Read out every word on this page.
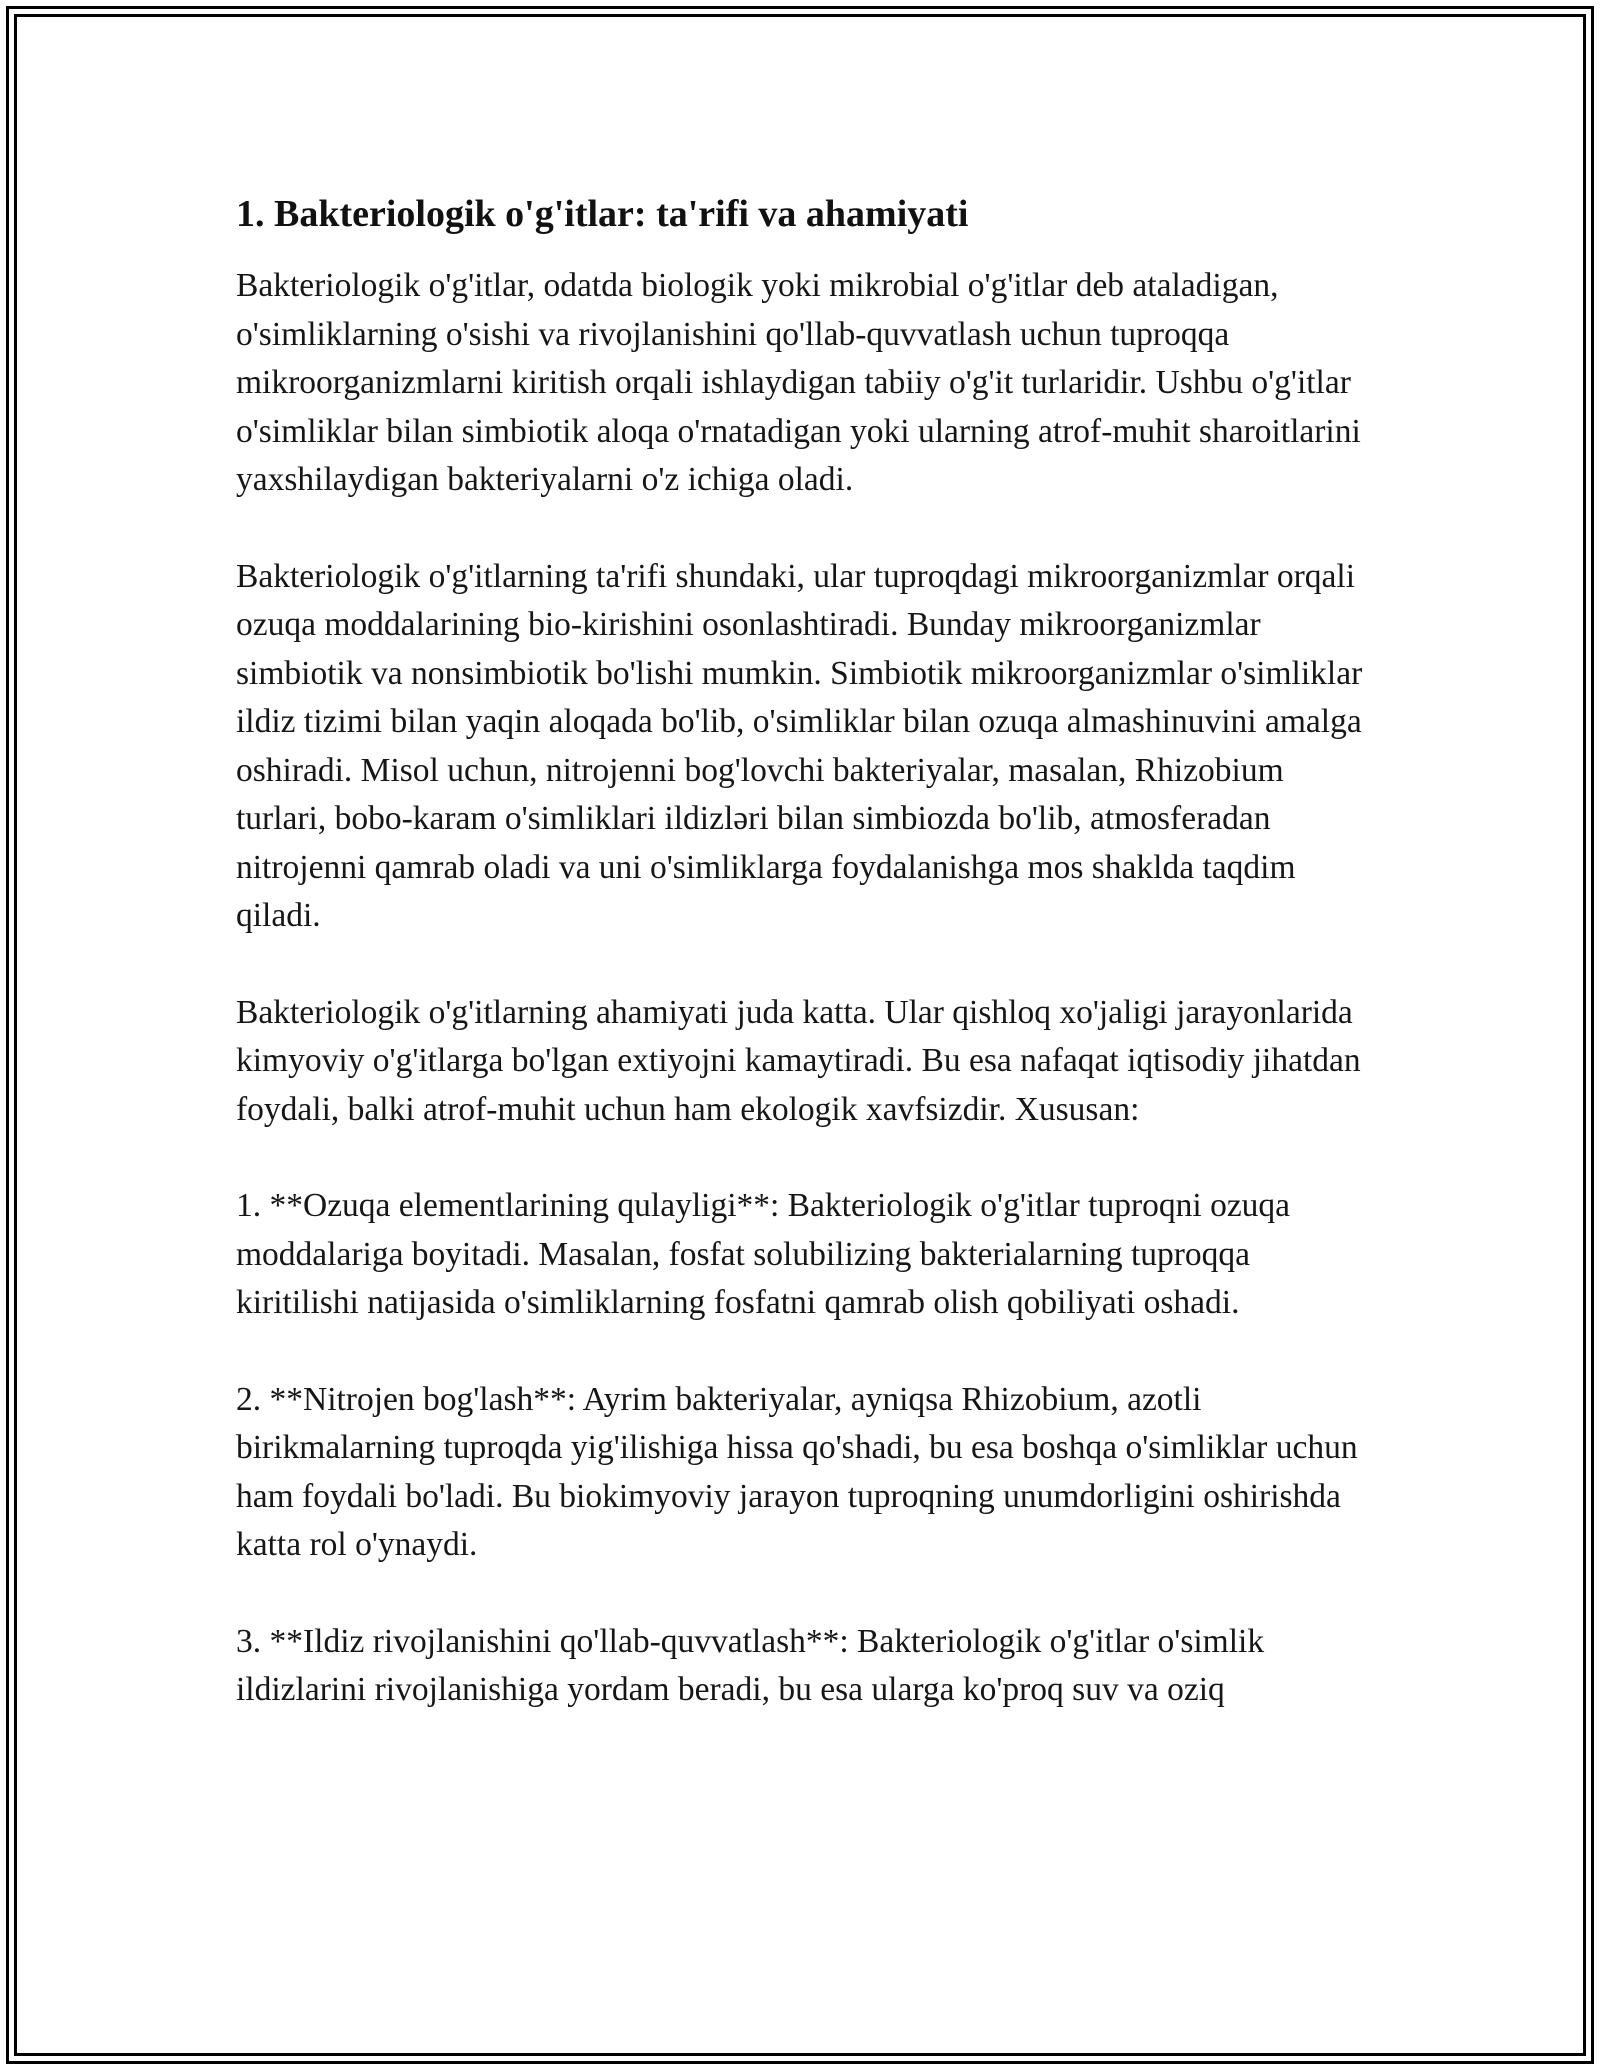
1. Bakteriologik o'g'itlar: ta'rifi va ahamiyati

Bakteriologik o'g'itlar, odatda biologik yoki mikrobial o'g'itlar deb ataladigan, o'simliklarning o'sishi va rivojlanishini qo'llab-quvvatlash uchun tuproqqa mikroorganizmlarni kiritish orqali ishlaydigan tabiiy o'g'it turlaridir. Ushbu o'g'itlar o'simliklar bilan simbiotik aloqa o'rnatadigan yoki ularning atrof-muhit sharoitlarini yaxshilaydigan bakteriyalarni o'z ichiga oladi.

Bakteriologik o'g'itlarning ta'rifi shundaki, ular tuproqdagi mikroorganizmlar orqali ozuqa moddalarining bio-kirishini osonlashtiradi. Bunday mikroorganizmlar simbiotik va nonsimbiotik bo'lishi mumkin. Simbiotik mikroorganizmlar o'simliklar ildiz tizimi bilan yaqin aloqada bo'lib, o'simliklar bilan ozuqa almashinuvini amalga oshiradi. Misol uchun, nitrojenni bog'lovchi bakteriyalar, masalan, Rhizobium turlari, bobo-karam o'simliklari ildizləri bilan simbiozda bo'lib, atmosferadan nitrojenni qamrab oladi va uni o'simliklarga foydalanishga mos shakldа taqdim qiladi.

Bakteriologik o'g'itlarning ahamiyati juda katta. Ular qishloq xo'jaligi jarayonlarida kimyoviy o'g'itlarga bo'lgan extiyojni kamaytiradi. Bu esa nafaqat iqtisodiy jihatdan foydali, balki atrof-muhit uchun ham ekologik xavfsizdir. Xususan:

1. **Ozuqa elementlarining qulayligi**: Bakteriologik o'g'itlar tuproqni ozuqa moddalariga boyitadi. Masalan, fosfat solubilizing bakterialarning tuproqqa kiritilishi natijasida o'simliklarning fosfatni qamrab olish qobiliyati oshadi.

2. **Nitrojen bog'lash**: Ayrim bakteriyalar, ayniqsa Rhizobium, azotli birikmalarning tuproqda yig'ilishiga hissa qo'shadi, bu esa boshqa o'simliklar uchun ham foydali bo'ladi. Bu biokimyoviy jarayon tuproqning unumdorligini oshirishda katta rol o'ynaydi.

3. **Ildiz rivojlanishini qo'llab-quvvatlash**: Bakteriologik o'g'itlar o'simlik ildizlarini rivojlanishiga yordam beradi, bu esa ularga ko'proq suv va oziq
